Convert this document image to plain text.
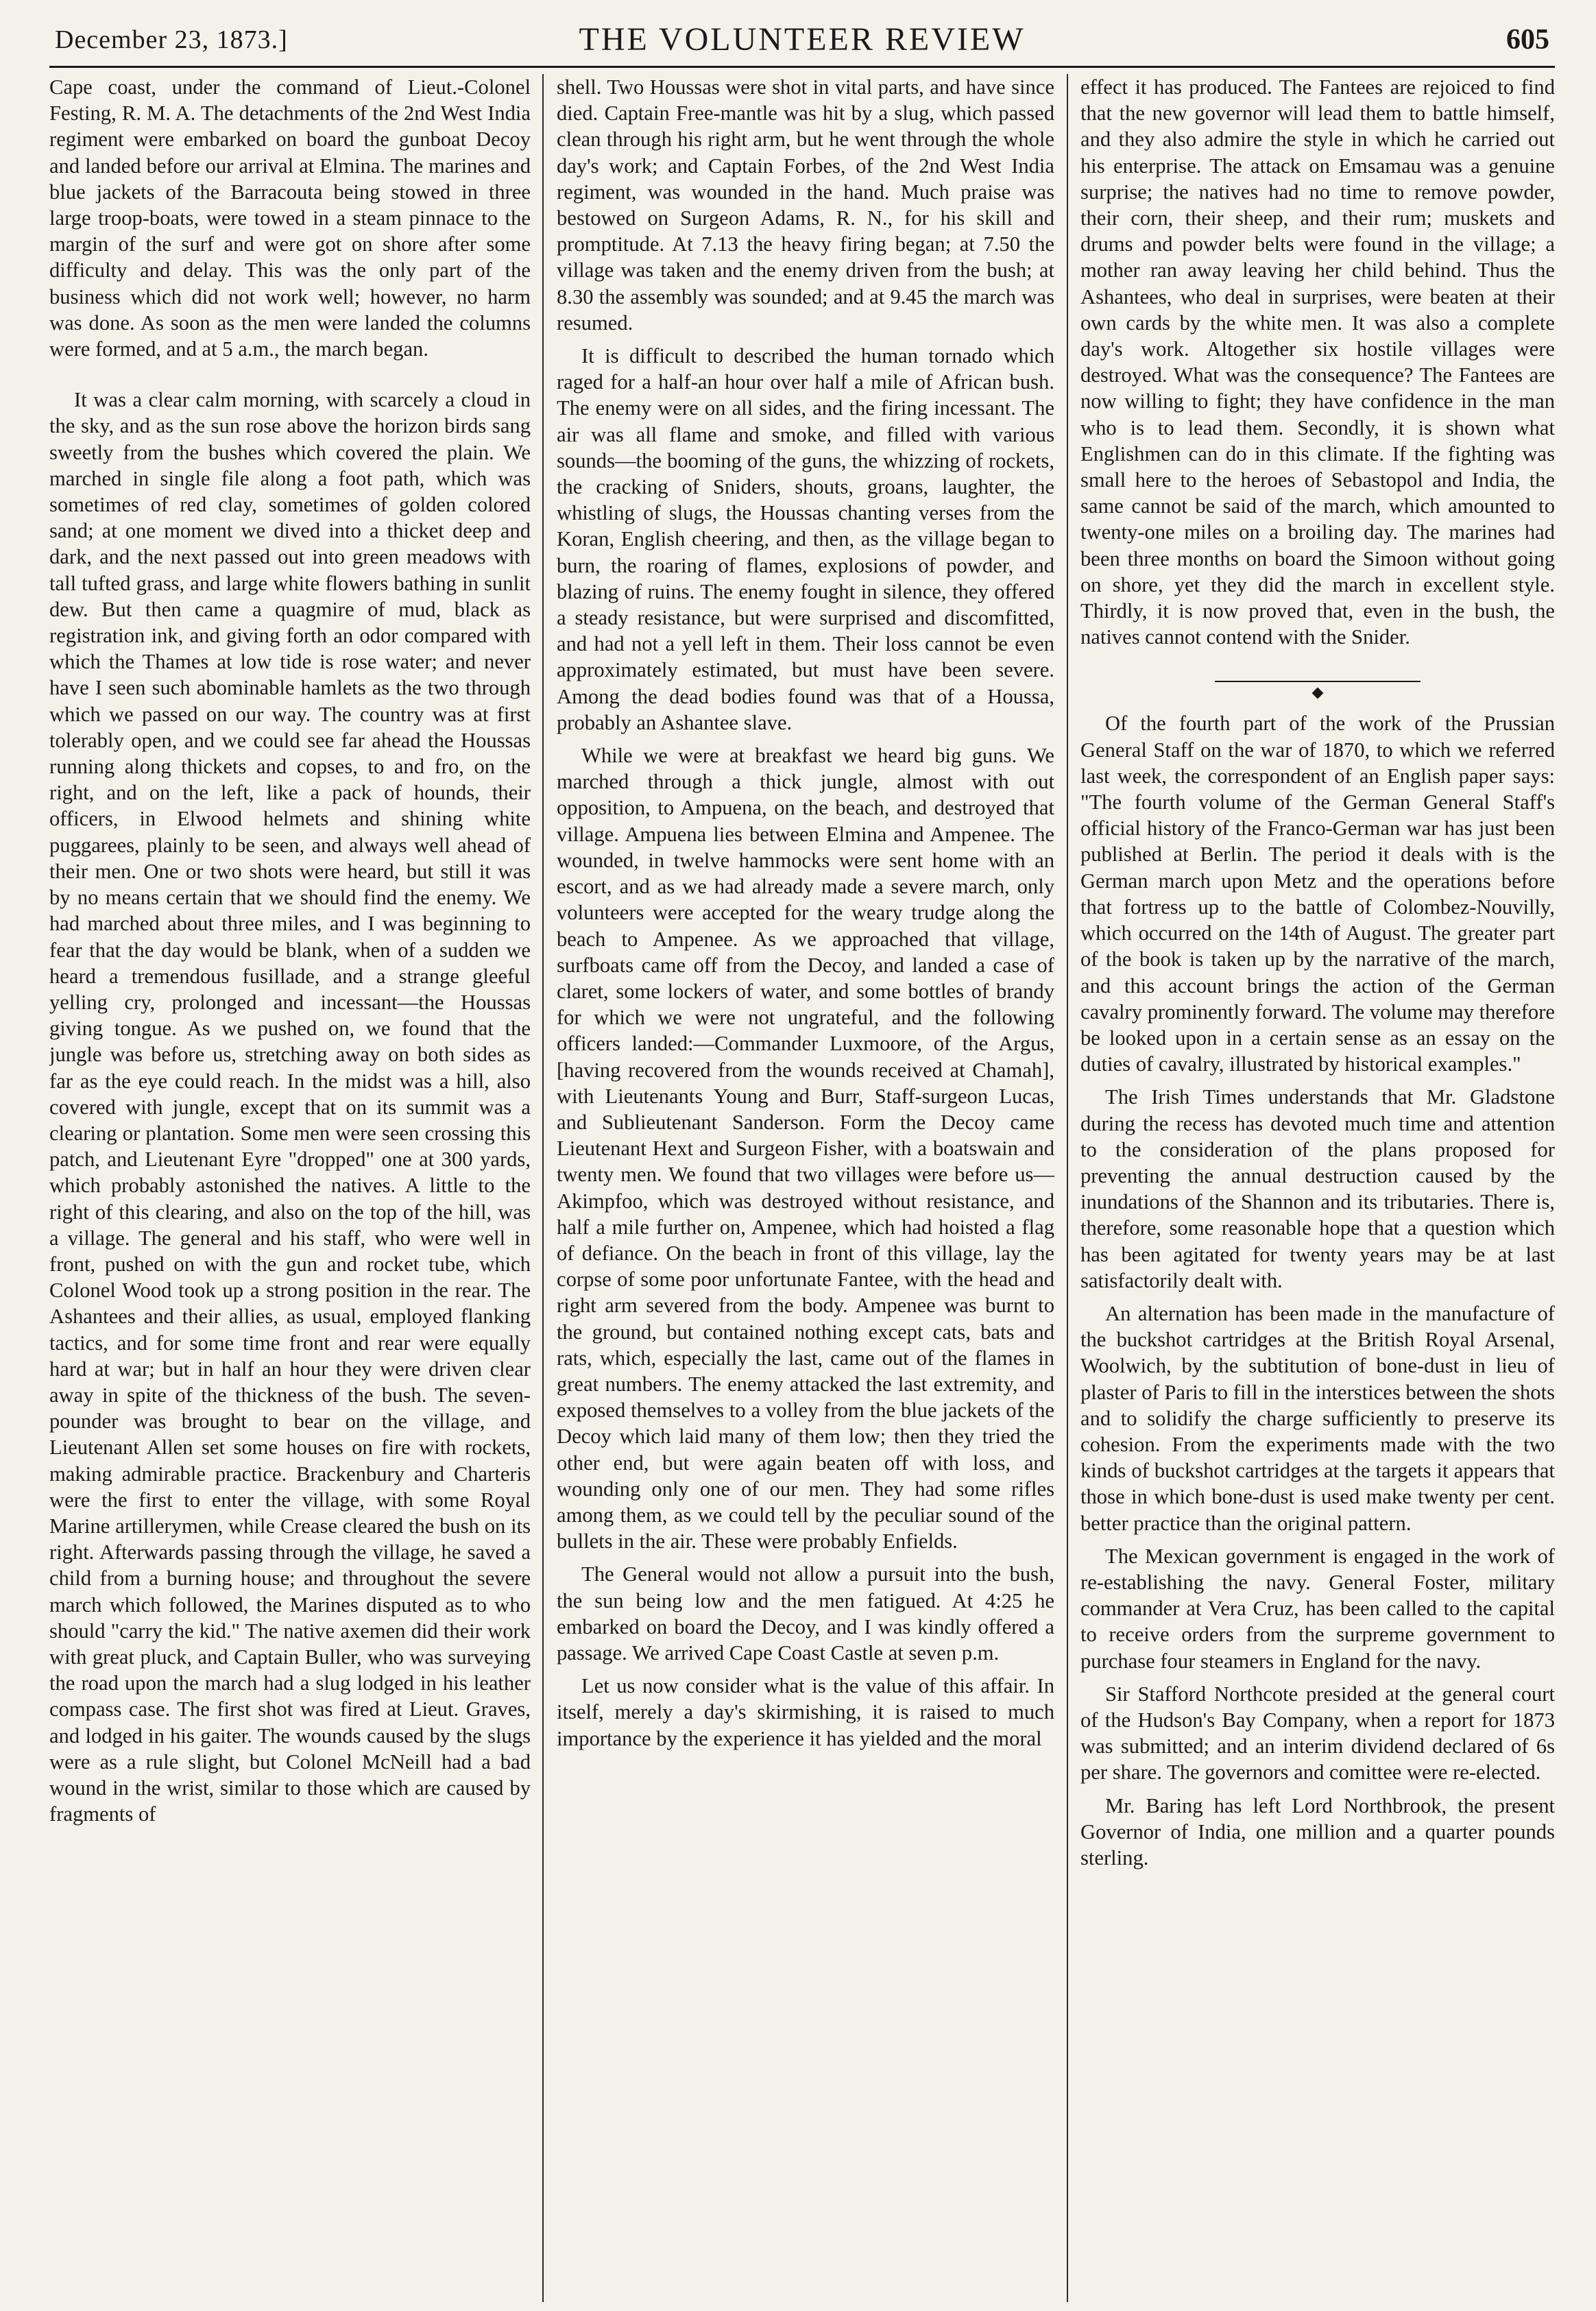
December 23, 1873.]	THE VOLUNTEER REVIEW	605

Cape coast, under the command of Lieut.-Colonel Festing, R. M. A. The detachments of the 2nd West India regiment were embarked on board the gunboat Decoy and landed before our arrival at Elmina. The marines and blue jackets of the Barracouta being stowed in three large troop-boats, were towed in a steam pinnace to the margin of the surf and were got on shore after some difficulty and delay. This was the only part of the business which did not work well; however, no harm was done. As soon as the men were landed the columns were formed, and at 5 a.m., the march began.

It was a clear calm morning, with scarcely a cloud in the sky, and as the sun rose above the horizon birds sang sweetly from the bushes which covered the plain. We marched in single file along a foot path, which was sometimes of red clay, sometimes of golden colored sand; at one moment we dived into a thicket deep and dark, and the next passed out into green meadows with tall tufted grass, and large white flowers bathing in sunlit dew. But then came a quagmire of mud, black as registration ink, and giving forth an odor compared with which the Thames at low tide is rose water; and never have I seen such abominable hamlets as the two through which we passed on our way. The country was at first tolerably open, and we could see far ahead the Houssas running along thickets and copses, to and fro, on the right, and on the left, like a pack of hounds, their officers, in Elwood helmets and shining white puggarees, plainly to be seen, and always well ahead of their men. One or two shots were heard, but still it was by no means certain that we should find the enemy. We had marched about three miles, and I was beginning to fear that the day would be blank, when of a sudden we heard a tremendous fusillade, and a strange gleeful yelling cry, prolonged and incessant—the Houssas giving tongue. As we pushed on, we found that the jungle was before us, stretching away on both sides as far as the eye could reach. In the midst was a hill, also covered with jungle, except that on its summit was a clearing or plantation. Some men were seen crossing this patch, and Lieutenant Eyre "dropped" one at 300 yards, which probably astonished the natives. A little to the right of this clearing, and also on the top of the hill, was a village. The general and his staff, who were well in front, pushed on with the gun and rocket tube, which Colonel Wood took up a strong position in the rear. The Ashantees and their allies, as usual, employed flanking tactics, and for some time front and rear were equally hard at war; but in half an hour they were driven clear away in spite of the thickness of the bush. The seven-pounder was brought to bear on the village, and Lieutenant Allen set some houses on fire with rockets, making admirable practice. Brackenbury and Charteris were the first to enter the village, with some Royal Marine artillerymen, while Crease cleared the bush on its right. Afterwards passing through the village, he saved a child from a burning house; and throughout the severe march which followed, the Marines disputed as to who should "carry the kid." The native axemen did their work with great pluck, and Captain Buller, who was surveying the road upon the march had a slug lodged in his leather compass case. The first shot was fired at Lieut. Graves, and lodged in his gaiter. The wounds caused by the slugs were as a rule slight, but Colonel McNeill had a bad wound in the wrist, similar to those which are caused by fragments of

shell. Two Houssas were shot in vital parts, and have since died. Captain Free-mantle was hit by a slug, which passed clean through his right arm, but he went through the whole day's work; and Captain Forbes, of the 2nd West India regiment, was wounded in the hand. Much praise was bestowed on Surgeon Adams, R. N., for his skill and promptitude. At 7.13 the heavy firing began; at 7.50 the village was taken and the enemy driven from the bush; at 8.30 the assembly was sounded; and at 9.45 the march was resumed.

It is difficult to described the human tornado which raged for a half-an hour over half a mile of African bush. The enemy were on all sides, and the firing incessant. The air was all flame and smoke, and filled with various sounds—the booming of the guns, the whizzing of rockets, the cracking of Sniders, shouts, groans, laughter, the whistling of slugs, the Houssas chanting verses from the Koran, English cheering, and then, as the village began to burn, the roaring of flames, explosions of powder, and blazing of ruins. The enemy fought in silence, they offered a steady resistance, but were surprised and discomfitted, and had not a yell left in them. Their loss cannot be even approximately estimated, but must have been severe. Among the dead bodies found was that of a Houssa, probably an Ashantee slave.

While we were at breakfast we heard big guns. We marched through a thick jungle, almost with out opposition, to Ampuena, on the beach, and destroyed that village. Ampuena lies between Elmina and Ampenee. The wounded, in twelve hammocks were sent home with an escort, and as we had already made a severe march, only volunteers were accepted for the weary trudge along the beach to Ampenee. As we approached that village, surfboats came off from the Decoy, and landed a case of claret, some lockers of water, and some bottles of brandy for which we were not ungrateful, and the following officers landed:—Commander Luxmoore, of the Argus, [having recovered from the wounds received at Chamah], with Lieutenants Young and Burr, Staff-surgeon Lucas, and Sublieutenant Sanderson. Form the Decoy came Lieutenant Hext and Surgeon Fisher, with a boatswain and twenty men. We found that two villages were before us—Akimpfoo, which was destroyed without resistance, and half a mile further on, Ampenee, which had hoisted a flag of defiance. On the beach in front of this village, lay the corpse of some poor unfortunate Fantee, with the head and right arm severed from the body. Ampenee was burnt to the ground, but contained nothing except cats, bats and rats, which, especially the last, came out of the flames in great numbers. The enemy attacked the last extremity, and exposed themselves to a volley from the blue jackets of the Decoy which laid many of them low; then they tried the other end, but were again beaten off with loss, and wounding only one of our men. They had some rifles among them, as we could tell by the peculiar sound of the bullets in the air. These were probably Enfields.

The General would not allow a pursuit into the bush, the sun being low and the men fatigued. At 4:25 he embarked on board the Decoy, and I was kindly offered a passage. We arrived Cape Coast Castle at seven p.m.

Let us now consider what is the value of this affair. In itself, merely a day's skirmishing, it is raised to much importance by the experience it has yielded and the moral

effect it has produced. The Fantees are rejoiced to find that the new governor will lead them to battle himself, and they also admire the style in which he carried out his enterprise. The attack on Emsamau was a genuine surprise; the natives had no time to remove powder, their corn, their sheep, and their rum; muskets and drums and powder belts were found in the village; a mother ran away leaving her child behind. Thus the Ashantees, who deal in surprises, were beaten at their own cards by the white men. It was also a complete day's work. Altogether six hostile villages were destroyed. What was the consequence? The Fantees are now willing to fight; they have confidence in the man who is to lead them. Secondly, it is shown what Englishmen can do in this climate. If the fighting was small here to the heroes of Sebastopol and India, the same cannot be said of the march, which amounted to twenty-one miles on a broiling day. The marines had been three months on board the Simoon without going on shore, yet they did the march in excellent style. Thirdly, it is now proved that, even in the bush, the natives cannot contend with the Snider.

Of the fourth part of the work of the Prussian General Staff on the war of 1870, to which we referred last week, the correspondent of an English paper says: "The fourth volume of the German General Staff's official history of the Franco-German war has just been published at Berlin. The period it deals with is the German march upon Metz and the operations before that fortress up to the battle of Colombez-Nouvilly, which occurred on the 14th of August. The greater part of the book is taken up by the narrative of the march, and this account brings the action of the German cavalry prominently forward. The volume may therefore be looked upon in a certain sense as an essay on the duties of cavalry, illustrated by historical examples."

The Irish Times understands that Mr. Gladstone during the recess has devoted much time and attention to the consideration of the plans proposed for preventing the annual destruction caused by the inundations of the Shannon and its tributaries. There is, therefore, some reasonable hope that a question which has been agitated for twenty years may be at last satisfactorily dealt with.

An alternation has been made in the manufacture of the buckshot cartridges at the British Royal Arsenal, Woolwich, by the subtitution of bone-dust in lieu of plaster of Paris to fill in the interstices between the shots and to solidify the charge sufficiently to preserve its cohesion. From the experiments made with the two kinds of buckshot cartridges at the targets it appears that those in which bone-dust is used make twenty per cent. better practice than the original pattern.

The Mexican government is engaged in the work of re-establishing the navy. General Foster, military commander at Vera Cruz, has been called to the capital to receive orders from the surpreme government to purchase four steamers in England for the navy.

Sir Stafford Northcote presided at the general court of the Hudson's Bay Company, when a report for 1873 was submitted; and an interim dividend declared of 6s per share. The governors and comittee were re-elected.

Mr. Baring has left Lord Northbrook, the present Governor of India, one million and a quarter pounds sterling.
